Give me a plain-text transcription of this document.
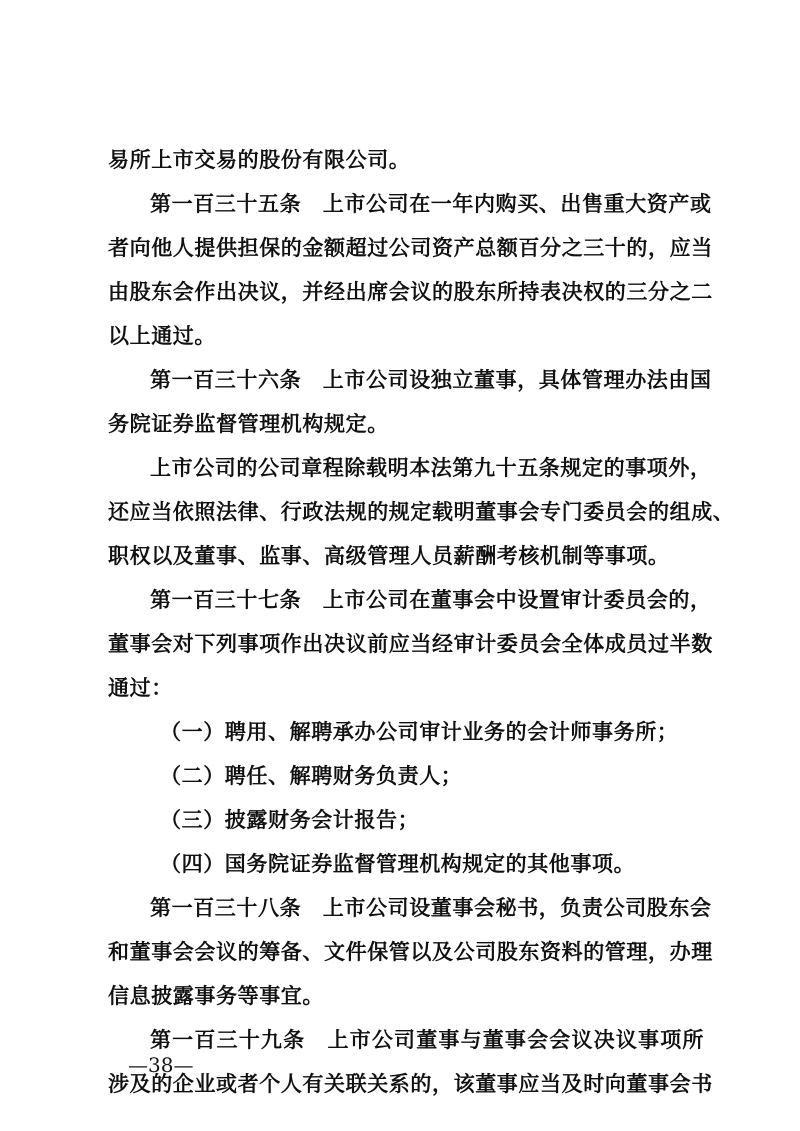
易所上市交易的股份有限公司。
第一百三十五条　上市公司在一年内购买、出售重大资产或
者向他人提供担保的金额超过公司资产总额百分之三十的，应当
由股东会作出决议，并经出席会议的股东所持表决权的三分之二
以上通过。
第一百三十六条　上市公司设独立董事，具体管理办法由国
务院证券监督管理机构规定。
上市公司的公司章程除载明本法第九十五条规定的事项外，
还应当依照法律、行政法规的规定载明董事会专门委员会的组成、
职权以及董事、监事、高级管理人员薪酬考核机制等事项。
第一百三十七条　上市公司在董事会中设置审计委员会的，
董事会对下列事项作出决议前应当经审计委员会全体成员过半数
通过：
（一）聘用、解聘承办公司审计业务的会计师事务所；
（二）聘任、解聘财务负责人；
（三）披露财务会计报告；
（四）国务院证券监督管理机构规定的其他事项。
第一百三十八条　上市公司设董事会秘书，负责公司股东会
和董事会会议的筹备、文件保管以及公司股东资料的管理，办理
信息披露事务等事宜。
第一百三十九条　上市公司董事与董事会会议决议事项所
涉及的企业或者个人有关联关系的，该董事应当及时向董事会书
—38—
